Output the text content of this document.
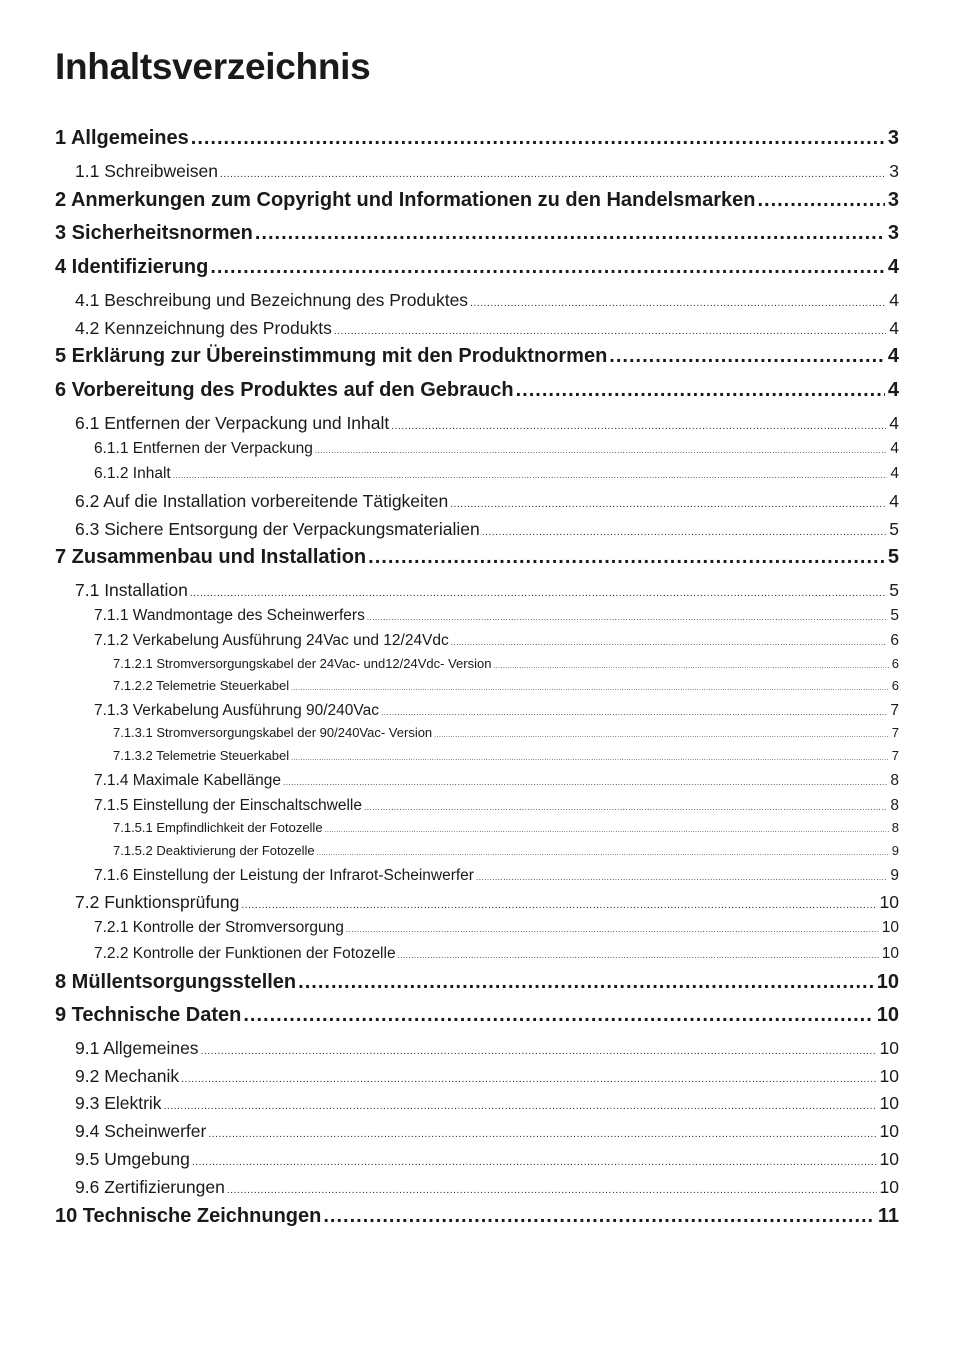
Inhaltsverzeichnis
1 Allgemeines .....	3
1.1 Schreibweisen .....	3
2 Anmerkungen zum Copyright und Informationen zu den Handelsmarken .....	3
3 Sicherheitsnormen .....	3
4 Identifizierung .....	4
4.1 Beschreibung und Bezeichnung des Produktes .....	4
4.2 Kennzeichnung des Produkts .....	4
5 Erklärung zur Übereinstimmung mit den Produktnormen .....	4
6 Vorbereitung des Produktes auf den Gebrauch .....	4
6.1 Entfernen der Verpackung und Inhalt .....	4
6.1.1 Entfernen der Verpackung .....	4
6.1.2 Inhalt .....	4
6.2 Auf die Installation vorbereitende Tätigkeiten .....	4
6.3 Sichere Entsorgung der Verpackungsmaterialien .....	5
7 Zusammenbau und Installation .....	5
7.1 Installation .....	5
7.1.1 Wandmontage des Scheinwerfers .....	5
7.1.2 Verkabelung Ausführung 24Vac und 12/24Vdc .....	6
7.1.2.1 Stromversorgungskabel der 24Vac- und12/24Vdc- Version .....	6
7.1.2.2 Telemetrie Steuerkabel .....	6
7.1.3 Verkabelung Ausführung 90/240Vac .....	7
7.1.3.1 Stromversorgungskabel der 90/240Vac- Version .....	7
7.1.3.2 Telemetrie Steuerkabel .....	7
7.1.4 Maximale Kabellänge .....	8
7.1.5 Einstellung der Einschaltschwelle .....	8
7.1.5.1 Empfindlichkeit der Fotozelle .....	8
7.1.5.2 Deaktivierung der Fotozelle .....	9
7.1.6 Einstellung der Leistung der Infrarot-Scheinwerfer .....	9
7.2 Funktionsprüfung .....	10
7.2.1 Kontrolle der Stromversorgung .....	10
7.2.2 Kontrolle der Funktionen der Fotozelle .....	10
8 Müllentsorgungsstellen .....	10
9 Technische Daten .....	10
9.1 Allgemeines .....	10
9.2 Mechanik .....	10
9.3 Elektrik .....	10
9.4 Scheinwerfer .....	10
9.5 Umgebung .....	10
9.6 Zertifizierungen .....	10
10 Technische Zeichnungen .....	11
